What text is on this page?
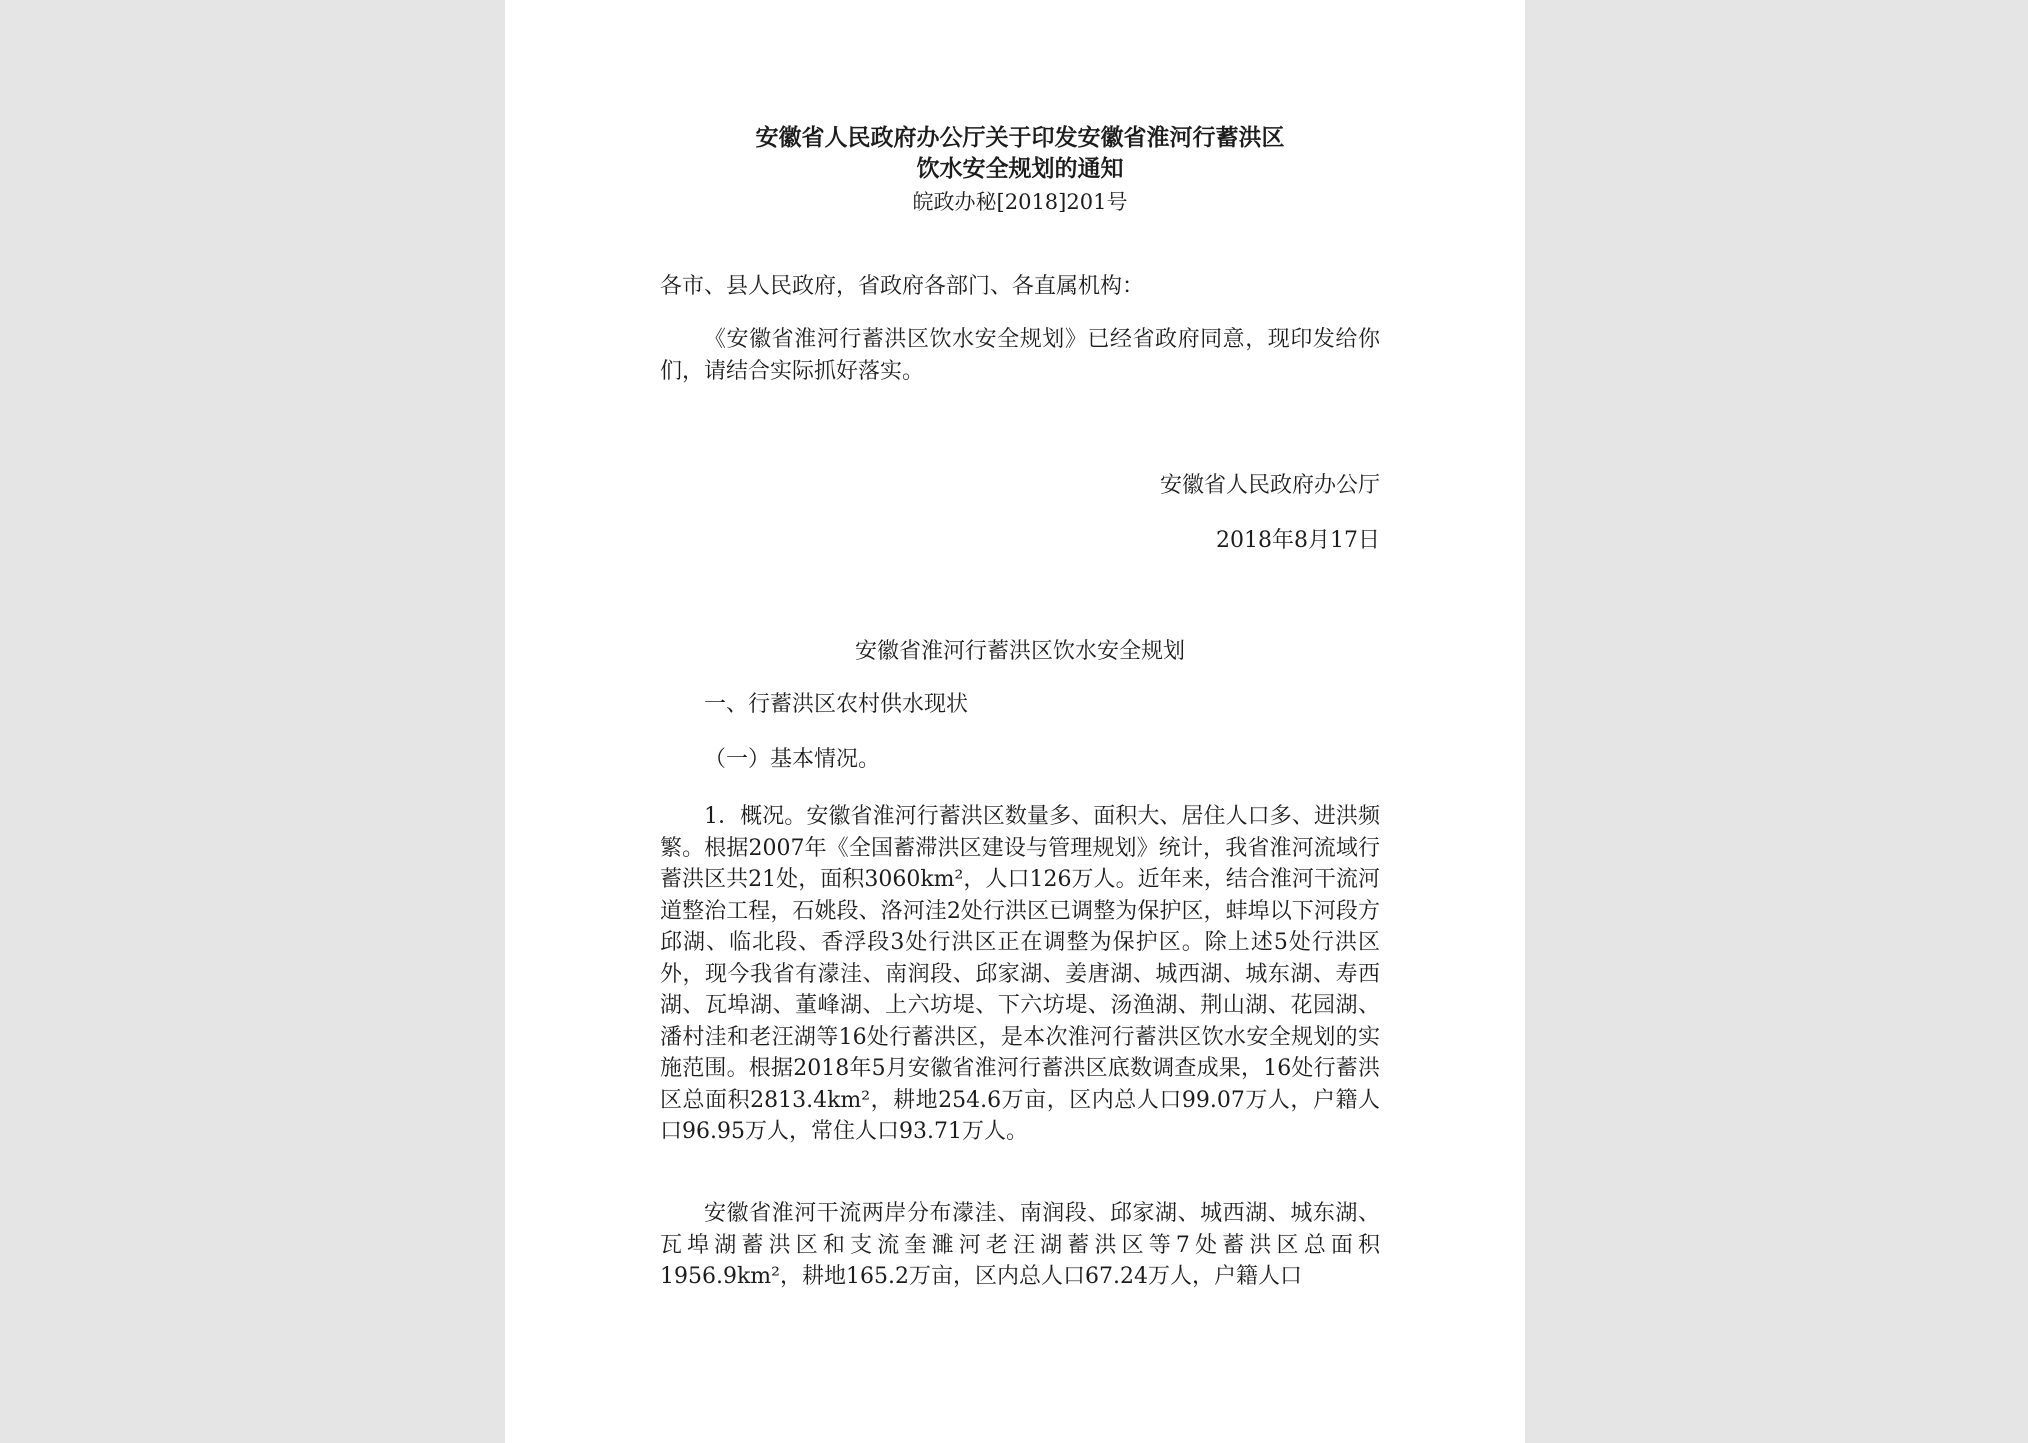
安徽省人民政府办公厅关于印发安徽省淮河行蓄洪区
饮水安全规划的通知
皖政办秘[2018]201号
各市、县人民政府，省政府各部门、各直属机构：
《安徽省淮河行蓄洪区饮水安全规划》已经省政府同意，现印发给你们，请结合实际抓好落实。
安徽省人民政府办公厅
2018年8月17日
安徽省淮河行蓄洪区饮水安全规划
一、行蓄洪区农村供水现状
（一）基本情况。
1．概况。安徽省淮河行蓄洪区数量多、面积大、居住人口多、进洪频繁。根据2007年《全国蓄滞洪区建设与管理规划》统计，我省淮河流域行蓄洪区共21处，面积3060km²，人口126万人。近年来，结合淮河干流河道整治工程，石姚段、洛河洼2处行洪区已调整为保护区，蚌埠以下河段方邱湖、临北段、香浮段3处行洪区正在调整为保护区。除上述5处行洪区外，现今我省有濛洼、南润段、邱家湖、姜唐湖、城西湖、城东湖、寿西湖、瓦埠湖、董峰湖、上六坊堤、下六坊堤、汤渔湖、荆山湖、花园湖、潘村洼和老汪湖等16处行蓄洪区，是本次淮河行蓄洪区饮水安全规划的实施范围。根据2018年5月安徽省淮河行蓄洪区底数调查成果，16处行蓄洪区总面积2813.4km²，耕地254.6万亩，区内总人口99.07万人，户籍人口96.95万人，常住人口93.71万人。
安徽省淮河干流两岸分布濛洼、南润段、邱家湖、城西湖、城东湖、瓦埠湖蓄洪区和支流奎濉河老汪湖蓄洪区等7处蓄洪区总面积1956.9km²，耕地165.2万亩，区内总人口67.24万人，户籍人口
